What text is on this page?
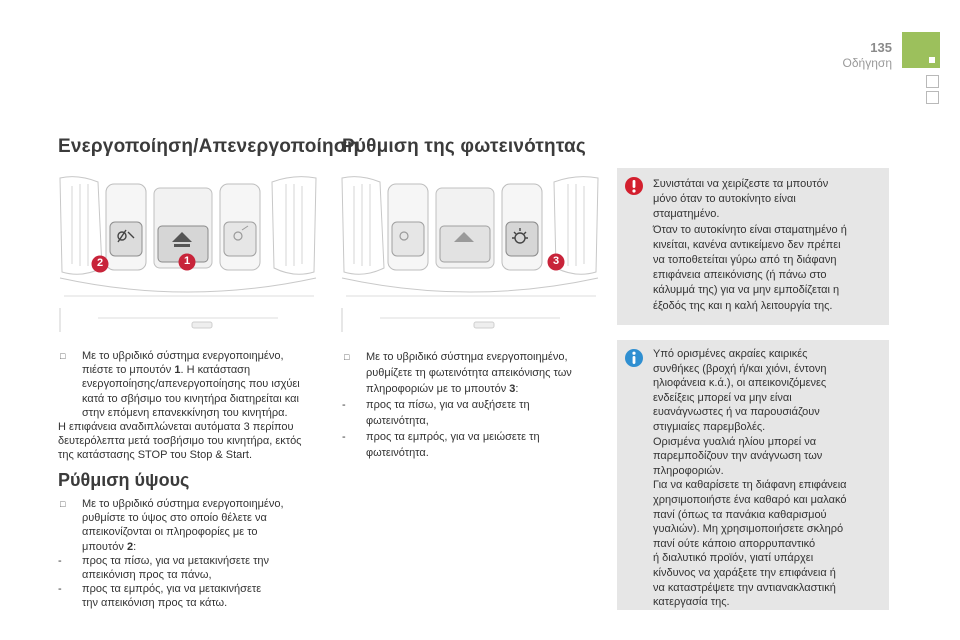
135
Οδήγηση
Ενεργοποίηση/Απενεργοποίηση
Ρύθμιση της φωτεινότητας
2	1	3
□ Με το υβριδικό σύστημα ενεργοποιημένο,
πιέστε το μπουτόν 1. Η κατάσταση
ενεργοποίησης/απενεργοποίησης που ισχύει
κατά το σβήσιμο του κινητήρα διατηρείται και
στην επόμενη επανεκκίνηση του κινητήρα.
Η επιφάνεια αναδιπλώνεται αυτόματα 3 περίπου
δευτερόλεπτα μετά τοσβήσιμο του κινητήρα, εκτός
της κατάστασης STOP του Stop & Start.
Ρύθμιση ύψους
□ Με το υβριδικό σύστημα ενεργοποιημένο,
ρυθμίστε το ύψος στο οποίο θέλετε να
απεικονίζονται οι πληροφορίες με το
μπουτόν 2:
- προς τα πίσω, για να μετακινήσετε την
απεικόνιση προς τα πάνω,
- προς τα εμπρός, για να μετακινήσετε
την απεικόνιση προς τα κάτω.
□ Με το υβριδικό σύστημα ενεργοποιημένο,
ρυθμίζετε τη φωτεινότητα απεικόνισης των
πληροφοριών με το μπουτόν 3:
- προς τα πίσω, για να αυξήσετε τη
φωτεινότητα,
- προς τα εμπρός, για να μειώσετε τη
φωτεινότητα.
Συνιστάται να χειρίζεστε τα μπουτόν
μόνο όταν το αυτοκίνητο είναι
σταματημένο.
Όταν το αυτοκίνητο είναι σταματημένο ή
κινείται, κανένα αντικείμενο δεν πρέπει
να τοποθετείται γύρω από τη διάφανη
επιφάνεια απεικόνισης (ή πάνω στο
κάλυμμά της) για να μην εμποδίζεται η
έξοδός της και η καλή λειτουργία της.
Υπό ορισμένες ακραίες καιρικές
συνθήκες (βροχή ή/και χιόνι, έντονη
ηλιοφάνεια κ.ά.), οι απεικονιζόμενες
ενδείξεις μπορεί να μην είναι
ευανάγνωστες ή να παρουσιάζουν
στιγμιαίες παρεμβολές.
Ορισμένα γυαλιά ηλίου μπορεί να
παρεμποδίζουν την ανάγνωση των
πληροφοριών.
Για να καθαρίσετε τη διάφανη επιφάνεια
χρησιμοποιήστε ένα καθαρό και μαλακό
πανί (όπως τα πανάκια καθαρισμού
γυαλιών). Μη χρησιμοποιήσετε σκληρό
πανί ούτε κάποιο απορρυπαντικό
ή διαλυτικό προϊόν, γιατί υπάρχει
κίνδυνος να χαράξετε την επιφάνεια ή
να καταστρέψετε την αντιανακλαστική
κατεργασία της.
